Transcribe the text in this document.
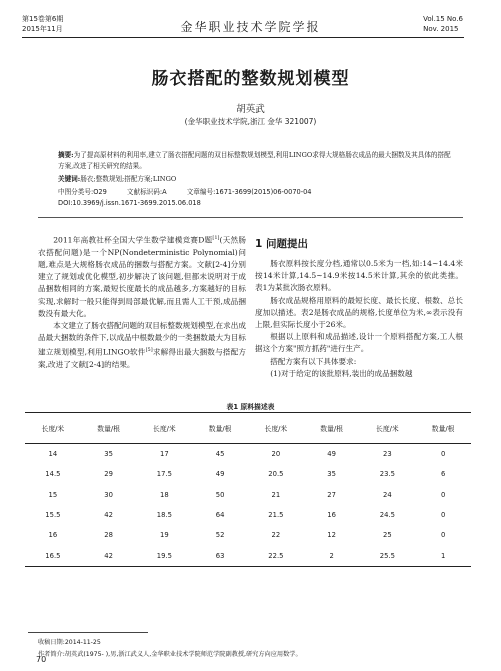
第15卷第6期
2015年11月	金华职业技术学院学报
Vol.15 No.6
Nov. 2015
肠衣搭配的整数规划模型
胡英武
(金华职业技术学院,浙江 金华 321007)
摘要:为了提高原材料的利用率,建立了肠衣搭配问题的双目标整数规划模型,利用LINGO求得大规格肠衣成品的最大捆数及其具体的搭配方案,改进了相关研究的结果。
关键词:肠衣;整数规划;搭配方案;LINGO
中图分类号:O29	文献标识码:A	文章编号:1671-3699(2015)06-0070-04
DOI:10.3969/j.issn.1671-3699.2015.06.018

2011年高教社杯全国大学生数学建模竞赛D题[1](天然肠衣搭配问题)是一个NP(Nondeterministic Polynomial)问题,难点是大规格肠衣成品的捆数与搭配方案。文献[2-4]分别建立了规划或优化模型,初步解决了该问题,但都未说明对于成品捆数相同的方案,最短长度最长的成品越多,方案越好的目标实现,求解时一般只能得到局部最优解,而且需人工干预,成品捆数没有最大化。

本文建立了肠衣搭配问题的双目标整数规划模型,在求出成品最大捆数的条件下,以成品中根数最少的一类捆数最大为目标建立规划模型,利用LINGO软件[5]求解得出最大捆数与搭配方案,改进了文献[2-4]的结果。

1 问题提出

肠衣原料按长度分档,通常以0.5米为一档,如:14~14.4米按14米计算,14.5~14.9米按14.5米计算,其余的依此类推。表1为某批次肠衣原料。

肠衣成品规格用原料的最短长度、最长长度、根数、总长度加以描述。表2是肠衣成品的规格,长度单位为米,∞表示没有上限,但实际长度小于26米。

根据以上原料和成品描述,设计一个原料搭配方案,工人根据这个方案"照方抓药"进行生产。

搭配方案有以下具体要求:

(1)对于给定的该批原料,装出的成品捆数越

表1 原料描述表
长度/米	数量/根	长度/米	数量/根	长度/米	数量/根	长度/米	数量/根
14	35	17	45	20	49	23	0
14.5	29	17.5	49	20.5	35	23.5	6
15	30	18	50	21	27	24	0
15.5	42	18.5	64	21.5	16	24.5	0
16	28	19	52	22	12	25	0
16.5	42	19.5	63	22.5	2	25.5	1
收稿日期:2014-11-25
作者简介:胡英武(1975- ),男,浙江武义人,金华职业技术学院师范学院副教授,研究方向应用数学。
70
